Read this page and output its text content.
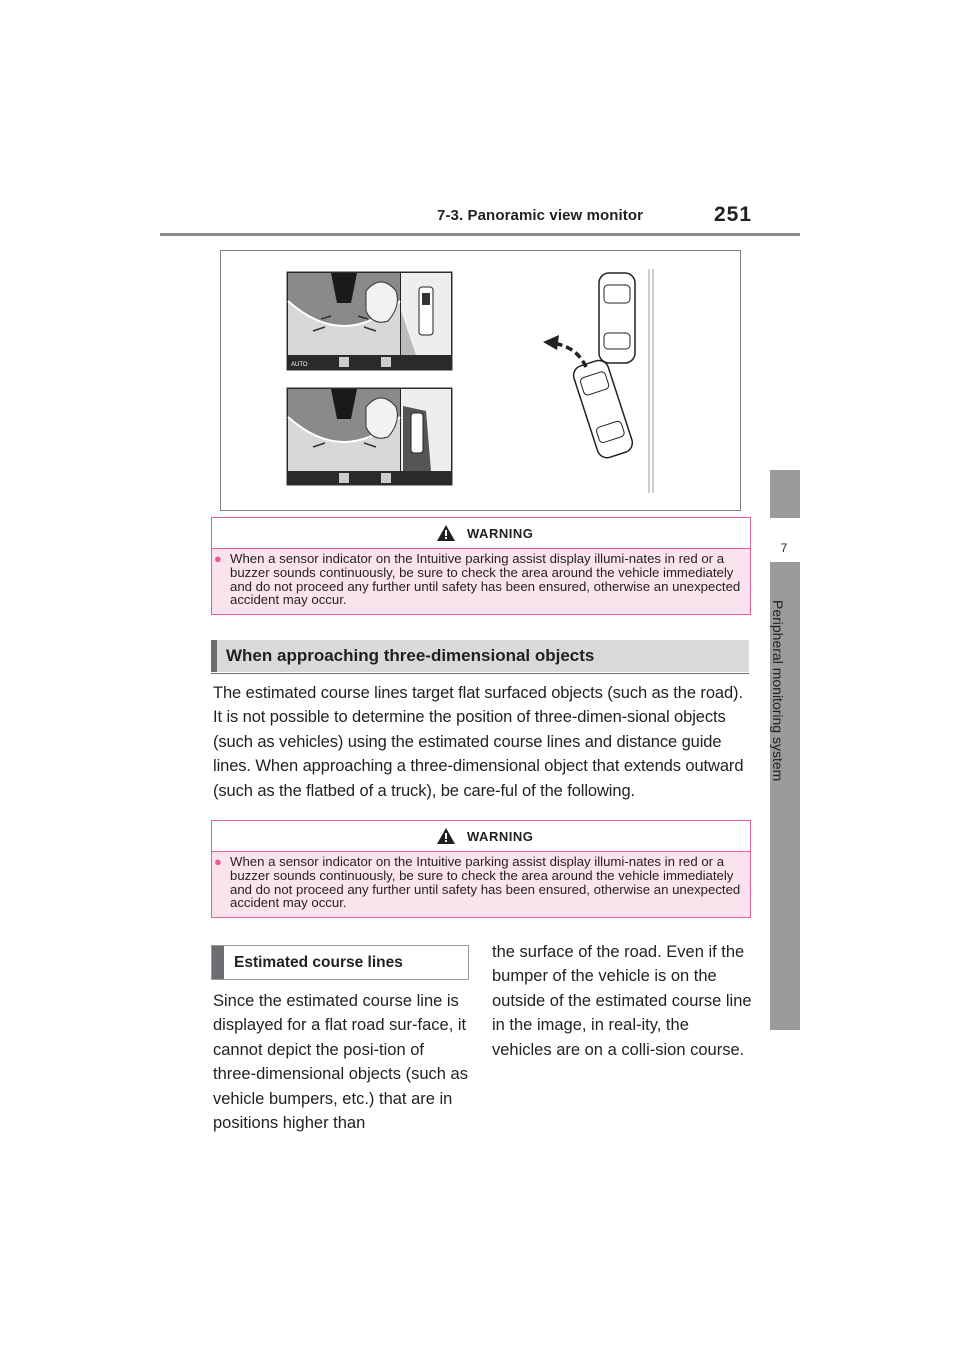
7-3. Panoramic view monitor	251
7
Peripheral monitoring system
AUTO
WARNING
● When a sensor indicator on the Intuitive parking assist display illumi-nates in red or a buzzer sounds continuously, be sure to check the area around the vehicle immediately and do not proceed any further until safety has been ensured, otherwise an unexpected accident may occur.
When approaching three-dimensional objects
The estimated course lines target flat surfaced objects (such as the road). It is not possible to determine the position of three-dimen-sional objects (such as vehicles) using the estimated course lines and distance guide lines. When approaching a three-dimensional object that extends outward (such as the flatbed of a truck), be care-ful of the following.
WARNING
● When a sensor indicator on the Intuitive parking assist display illumi-nates in red or a buzzer sounds continuously, be sure to check the area around the vehicle immediately and do not proceed any further until safety has been ensured, otherwise an unexpected accident may occur.
Estimated course lines
Since the estimated course line is displayed for a flat road sur-face, it cannot depict the posi-tion of three-dimensional objects (such as vehicle bumpers, etc.) that are in positions higher than
the surface of the road. Even if the bumper of the vehicle is on the outside of the estimated course line in the image, in real-ity, the vehicles are on a colli-sion course.
